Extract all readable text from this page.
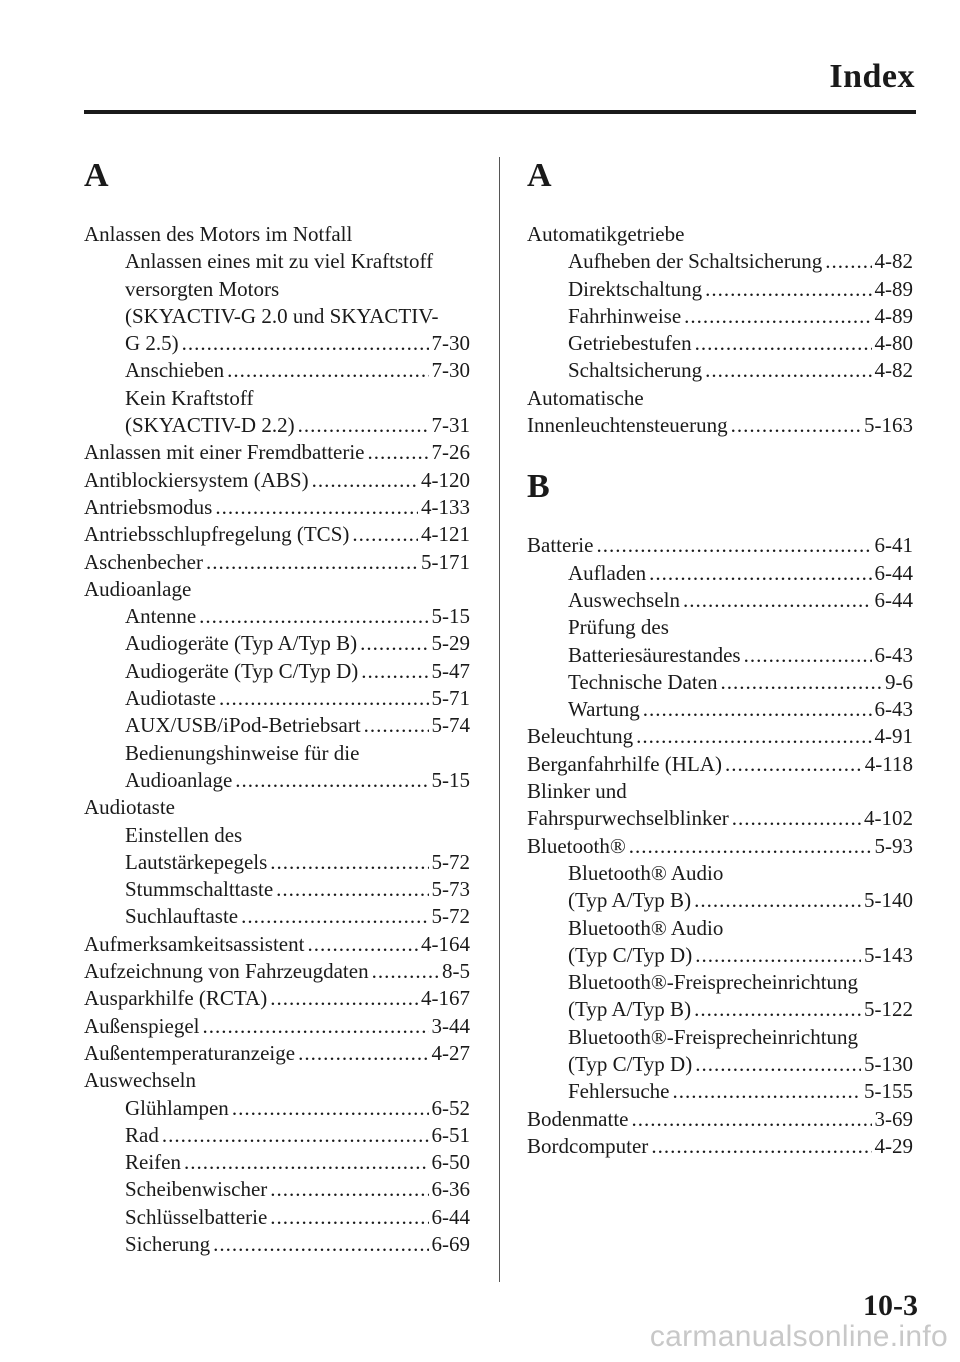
Index
A
Anlassen des Motors im Notfall
Anlassen eines mit zu viel Kraftstoff
versorgten Motors
(SKYACTIV-G 2.0 und SKYACTIV-
G 2.5) .....	7-30
Anschieben .....	7-30
Kein Kraftstoff
(SKYACTIV-D 2.2) .....	7-31
Anlassen mit einer Fremdbatterie .....	7-26
Antiblockiersystem (ABS) .....	4-120
Antriebsmodus .....	4-133
Antriebsschlupfregelung (TCS) .....	4-121
Aschenbecher .....	5-171
Audioanlage
Antenne .....	5-15
Audiogeräte (Typ A/Typ B) .....	5-29
Audiogeräte (Typ C/Typ D) .....	5-47
Audiotaste .....	5-71
AUX/USB/iPod-Betriebsart .....	5-74
Bedienungshinweise für die
Audioanlage .....	5-15
Audiotaste
Einstellen des
Lautstärkepegels .....	5-72
Stummschalttaste .....	5-73
Suchlauftaste .....	5-72
Aufmerksamkeitsassistent .....	4-164
Aufzeichnung von Fahrzeugdaten .....	8-5
Ausparkhilfe (RCTA) .....	4-167
Außenspiegel .....	3-44
Außentemperaturanzeige .....	4-27
Auswechseln
Glühlampen .....	6-52
Rad .....	6-51
Reifen .....	6-50
Scheibenwischer .....	6-36
Schlüsselbatterie .....	6-44
Sicherung .....	6-69
A
Automatikgetriebe
Aufheben der Schaltsicherung ..... 4-82
Direktschaltung .....	4-89
Fahrhinweise .....	4-89
Getriebestufen .....	4-80
Schaltsicherung .....	4-82
Automatische
Innenleuchtensteuerung .....	5-163
B
Batterie .....	6-41
Aufladen .....	6-44
Auswechseln .....	6-44
Prüfung des
Batteriesäurestandes .....	6-43
Technische Daten .....	9-6
Wartung .....	6-43
Beleuchtung .....	4-91
Berganfahrhilfe (HLA) .....	4-118
Blinker und
Fahrspurwechselblinker .....	4-102
Bluetooth® .....	5-93
Bluetooth® Audio
(Typ A/Typ B) .....	5-140
Bluetooth® Audio
(Typ C/Typ D) .....	5-143
Bluetooth®-Freisprecheinrichtung
(Typ A/Typ B) .....	5-122
Bluetooth®-Freisprecheinrichtung
(Typ C/Typ D) .....	5-130
Fehlersuche .....	5-155
Bodenmatte .....	3-69
Bordcomputer .....	4-29
10-3
carmanualsonline.info
